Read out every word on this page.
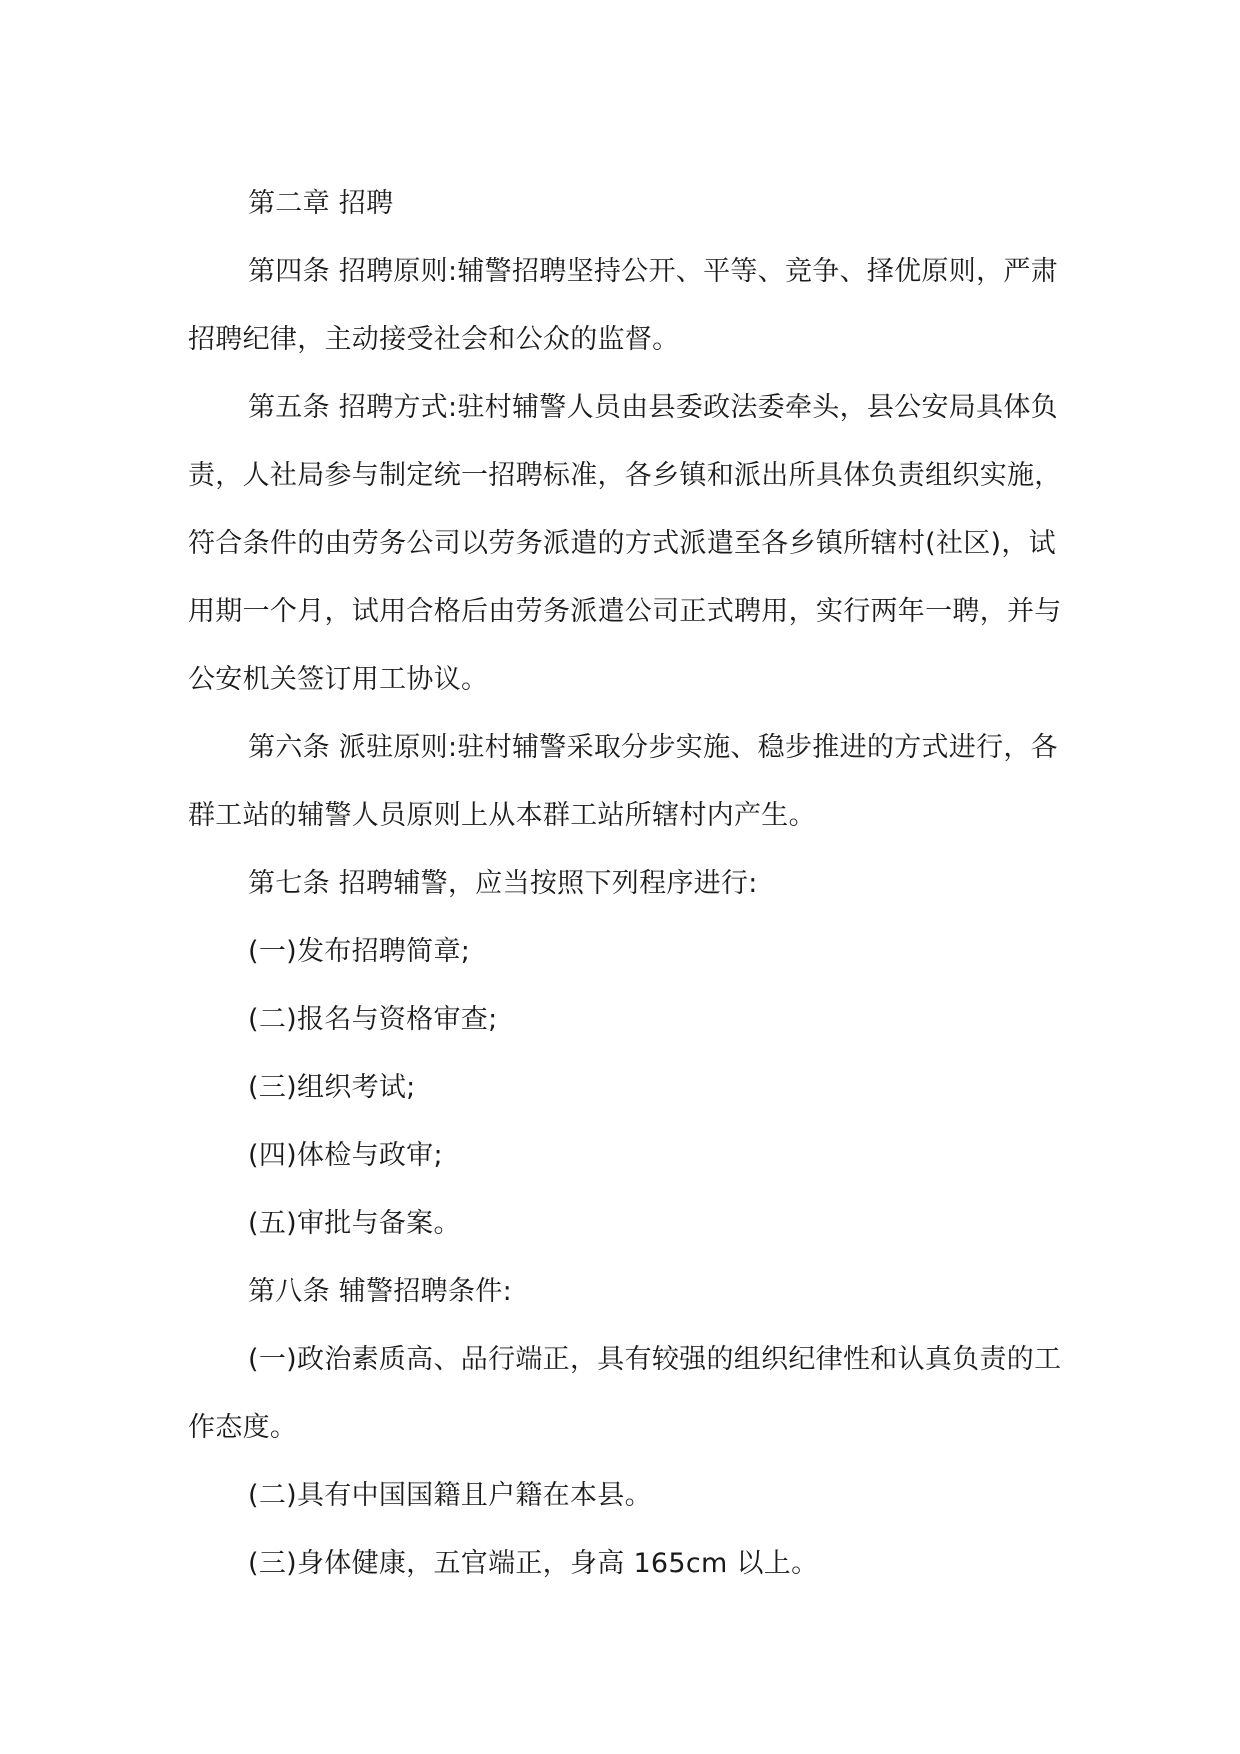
第二章 招聘

第四条 招聘原则:辅警招聘坚持公开、平等、竞争、择优原则，严肃招聘纪律，主动接受社会和公众的监督。

第五条 招聘方式:驻村辅警人员由县委政法委牵头，县公安局具体负责，人社局参与制定统一招聘标准，各乡镇和派出所具体负责组织实施，符合条件的由劳务公司以劳务派遣的方式派遣至各乡镇所辖村(社区)，试用期一个月，试用合格后由劳务派遣公司正式聘用，实行两年一聘，并与公安机关签订用工协议。

第六条 派驻原则:驻村辅警采取分步实施、稳步推进的方式进行，各群工站的辅警人员原则上从本群工站所辖村内产生。

第七条 招聘辅警，应当按照下列程序进行:

(一)发布招聘简章;

(二)报名与资格审查;

(三)组织考试;

(四)体检与政审;

(五)审批与备案。

第八条 辅警招聘条件:

(一)政治素质高、品行端正，具有较强的组织纪律性和认真负责的工作态度。

(二)具有中国国籍且户籍在本县。

(三)身体健康，五官端正，身高 165cm 以上。
